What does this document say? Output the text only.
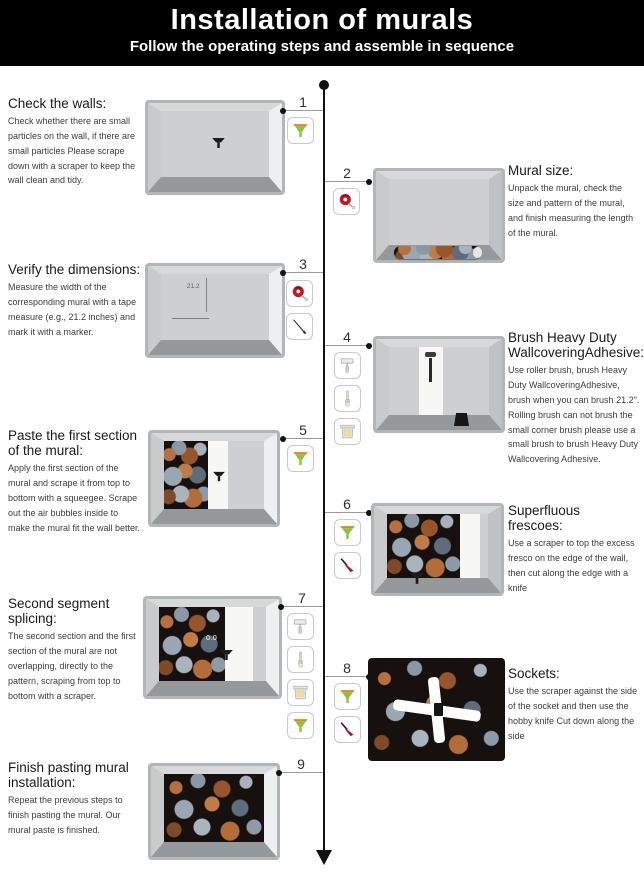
Installation of murals
Follow the operating steps and assemble in sequence
Check the walls:

Check whether there are small particles on the wall, if there are small particles Please scrape down with a scraper to keep the wall clean and tidy.

1
2	Mural size:

Unpack the mural, check the size and pattern of the mural, and finish measuring the length of the mural.

Verify the dimensions:

Measure the width of the corresponding mural with a tape measure (e.g., 21.2 inches) and mark it with a marker.

21.2
3
4	Brush Heavy Duty WallcoveringAdhesive:

Use roller brush, brush Heavy Duty WallcoveringAdhesive, brush when you can brush 21.2". Rolling brush can not brush the small corner brush please use a small brush to brush Heavy Duty Wallcovering Adhesive.

Paste the first section of the mural:

Apply the first section of the mural and scrape it from top to bottom with a squeegee. Scrape out the air bubbles inside to make the mural fit the wall better.

5
6	Superfluous frescoes:

Use a scraper to top the excess fresco on the edge of the wall, then cut along the edge with a knife

Second segment splicing:

The second section and the first section of the mural are not overlapping, directly to the pattern, scraping from top to bottom with a scraper.

0.0
7
8	Sockets:

Use the scraper against the side of the socket and then use the hobby knife Cut down along the side

Finish pasting mural installation:

Repeat the previous steps to finish pasting the mural. Our mural paste is finished.

9
